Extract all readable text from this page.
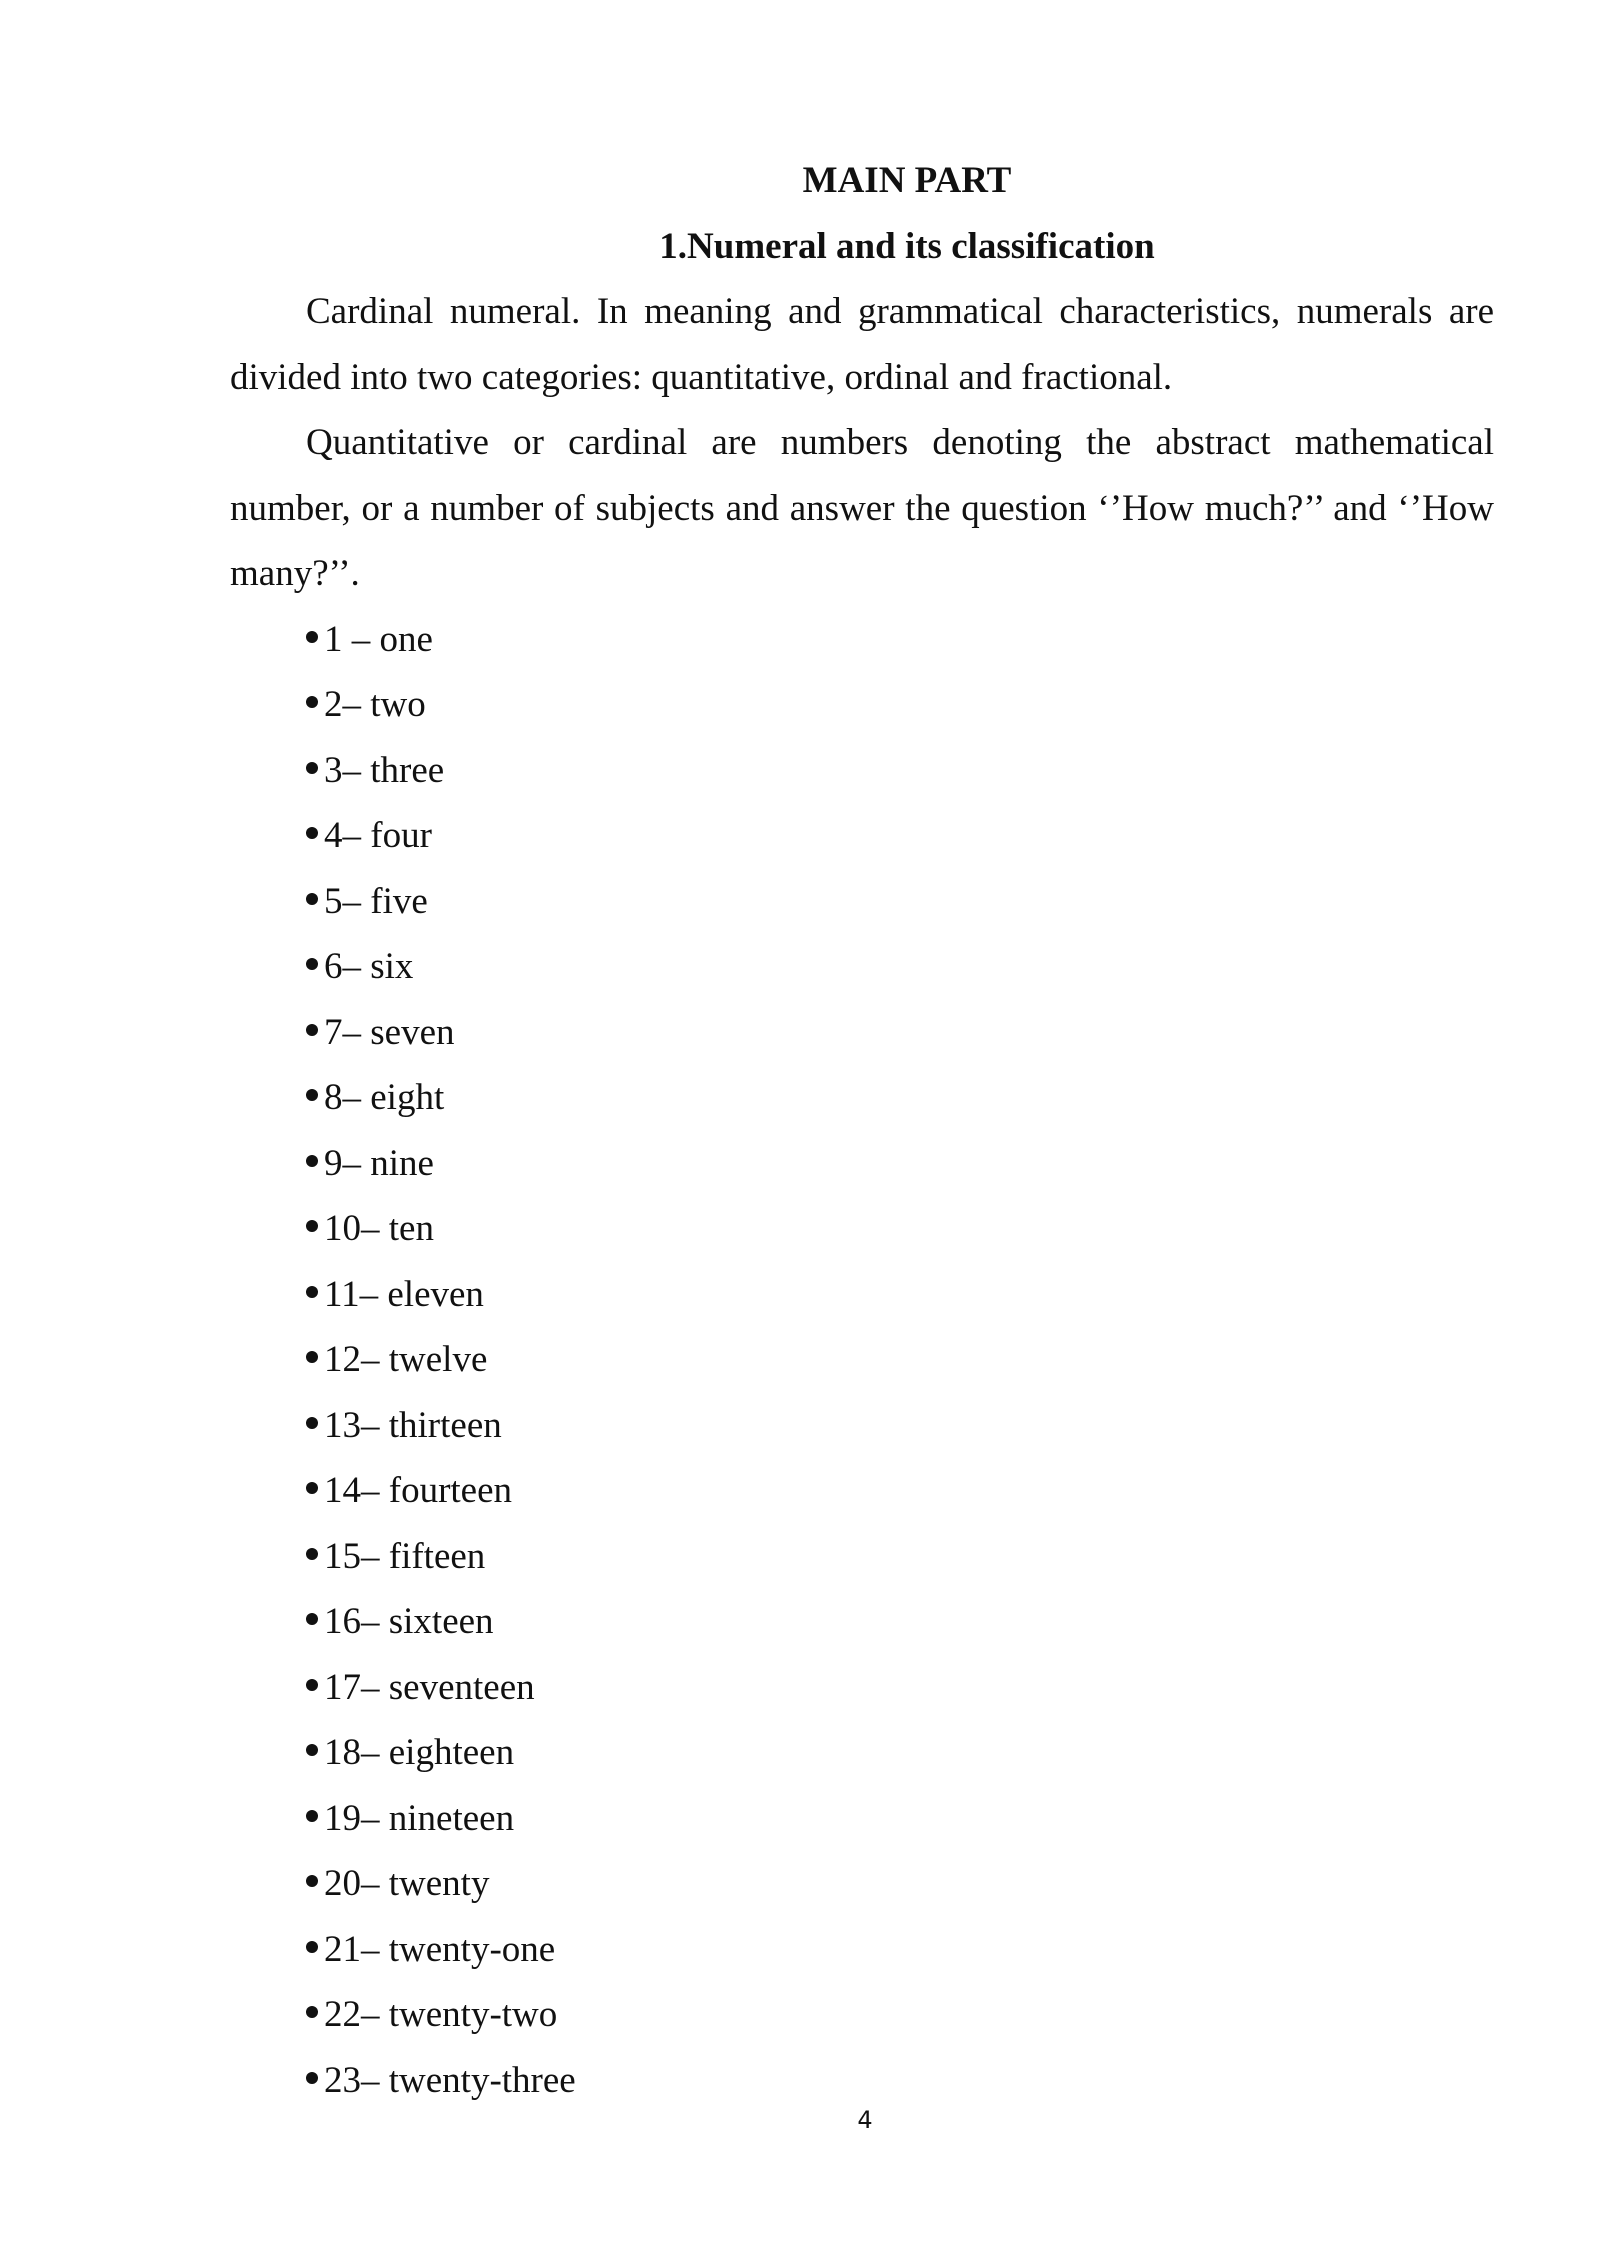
MAIN PART
1.Numeral and its classification

Cardinal numeral. In meaning and grammatical characteristics, numerals are divided into two categories: quantitative, ordinal and fractional.

Quantitative or cardinal are numbers denoting the abstract mathematical number, or a number of subjects and answer the question ‘’How much?’’ and ‘’How many?’’.

1 – one
2– two
3– three
4– four
5– five
6– six
7– seven
8– eight
9– nine
10– ten
11– eleven
12– twelve
13– thirteen
14– fourteen
15– fifteen
16– sixteen
17– seventeen
18– eighteen
19– nineteen
20– twenty
21– twenty-one
22– twenty-two
23– twenty-three
4
